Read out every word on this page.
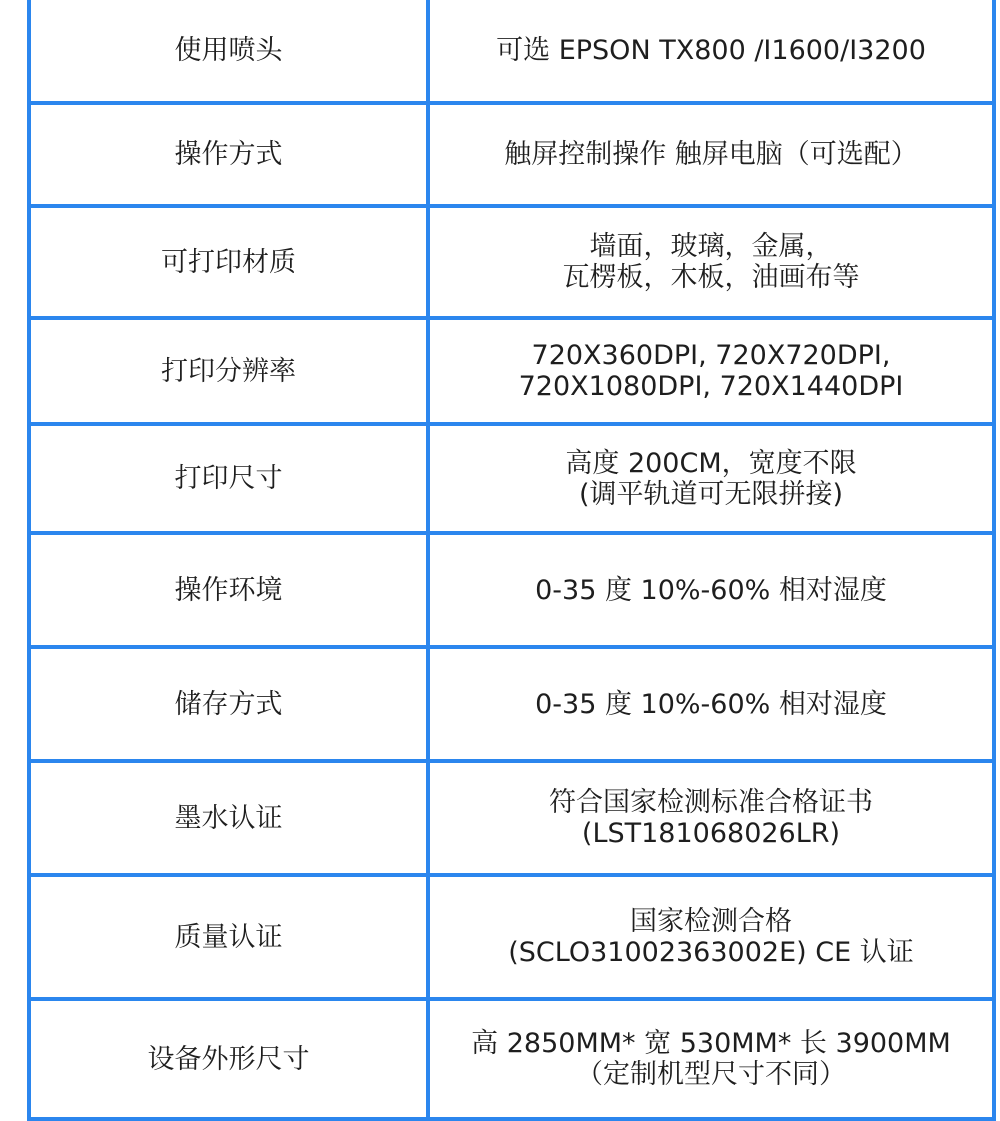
使用喷头	可选 EPSON TX800 /I1600/I3200

操作方式	触屏控制操作 触屏电脑（可选配）

可打印材质	墙面，玻璃，金属，
瓦楞板，木板，油画布等

打印分辨率	720X360DPI, 720X720DPI,
720X1080DPI, 720X1440DPI

打印尺寸	高度 200CM，宽度不限
(调平轨道可无限拼接)

操作环境	0-35 度 10%-60% 相对湿度

储存方式	0-35 度 10%-60% 相对湿度

墨水认证	符合国家检测标准合格证书
(LST181068026LR)

质量认证	国家检测合格
(SCLO31002363002E) CE 认证

设备外形尺寸	高 2850MM* 宽 530MM* 长 3900MM
（定制机型尺寸不同）
